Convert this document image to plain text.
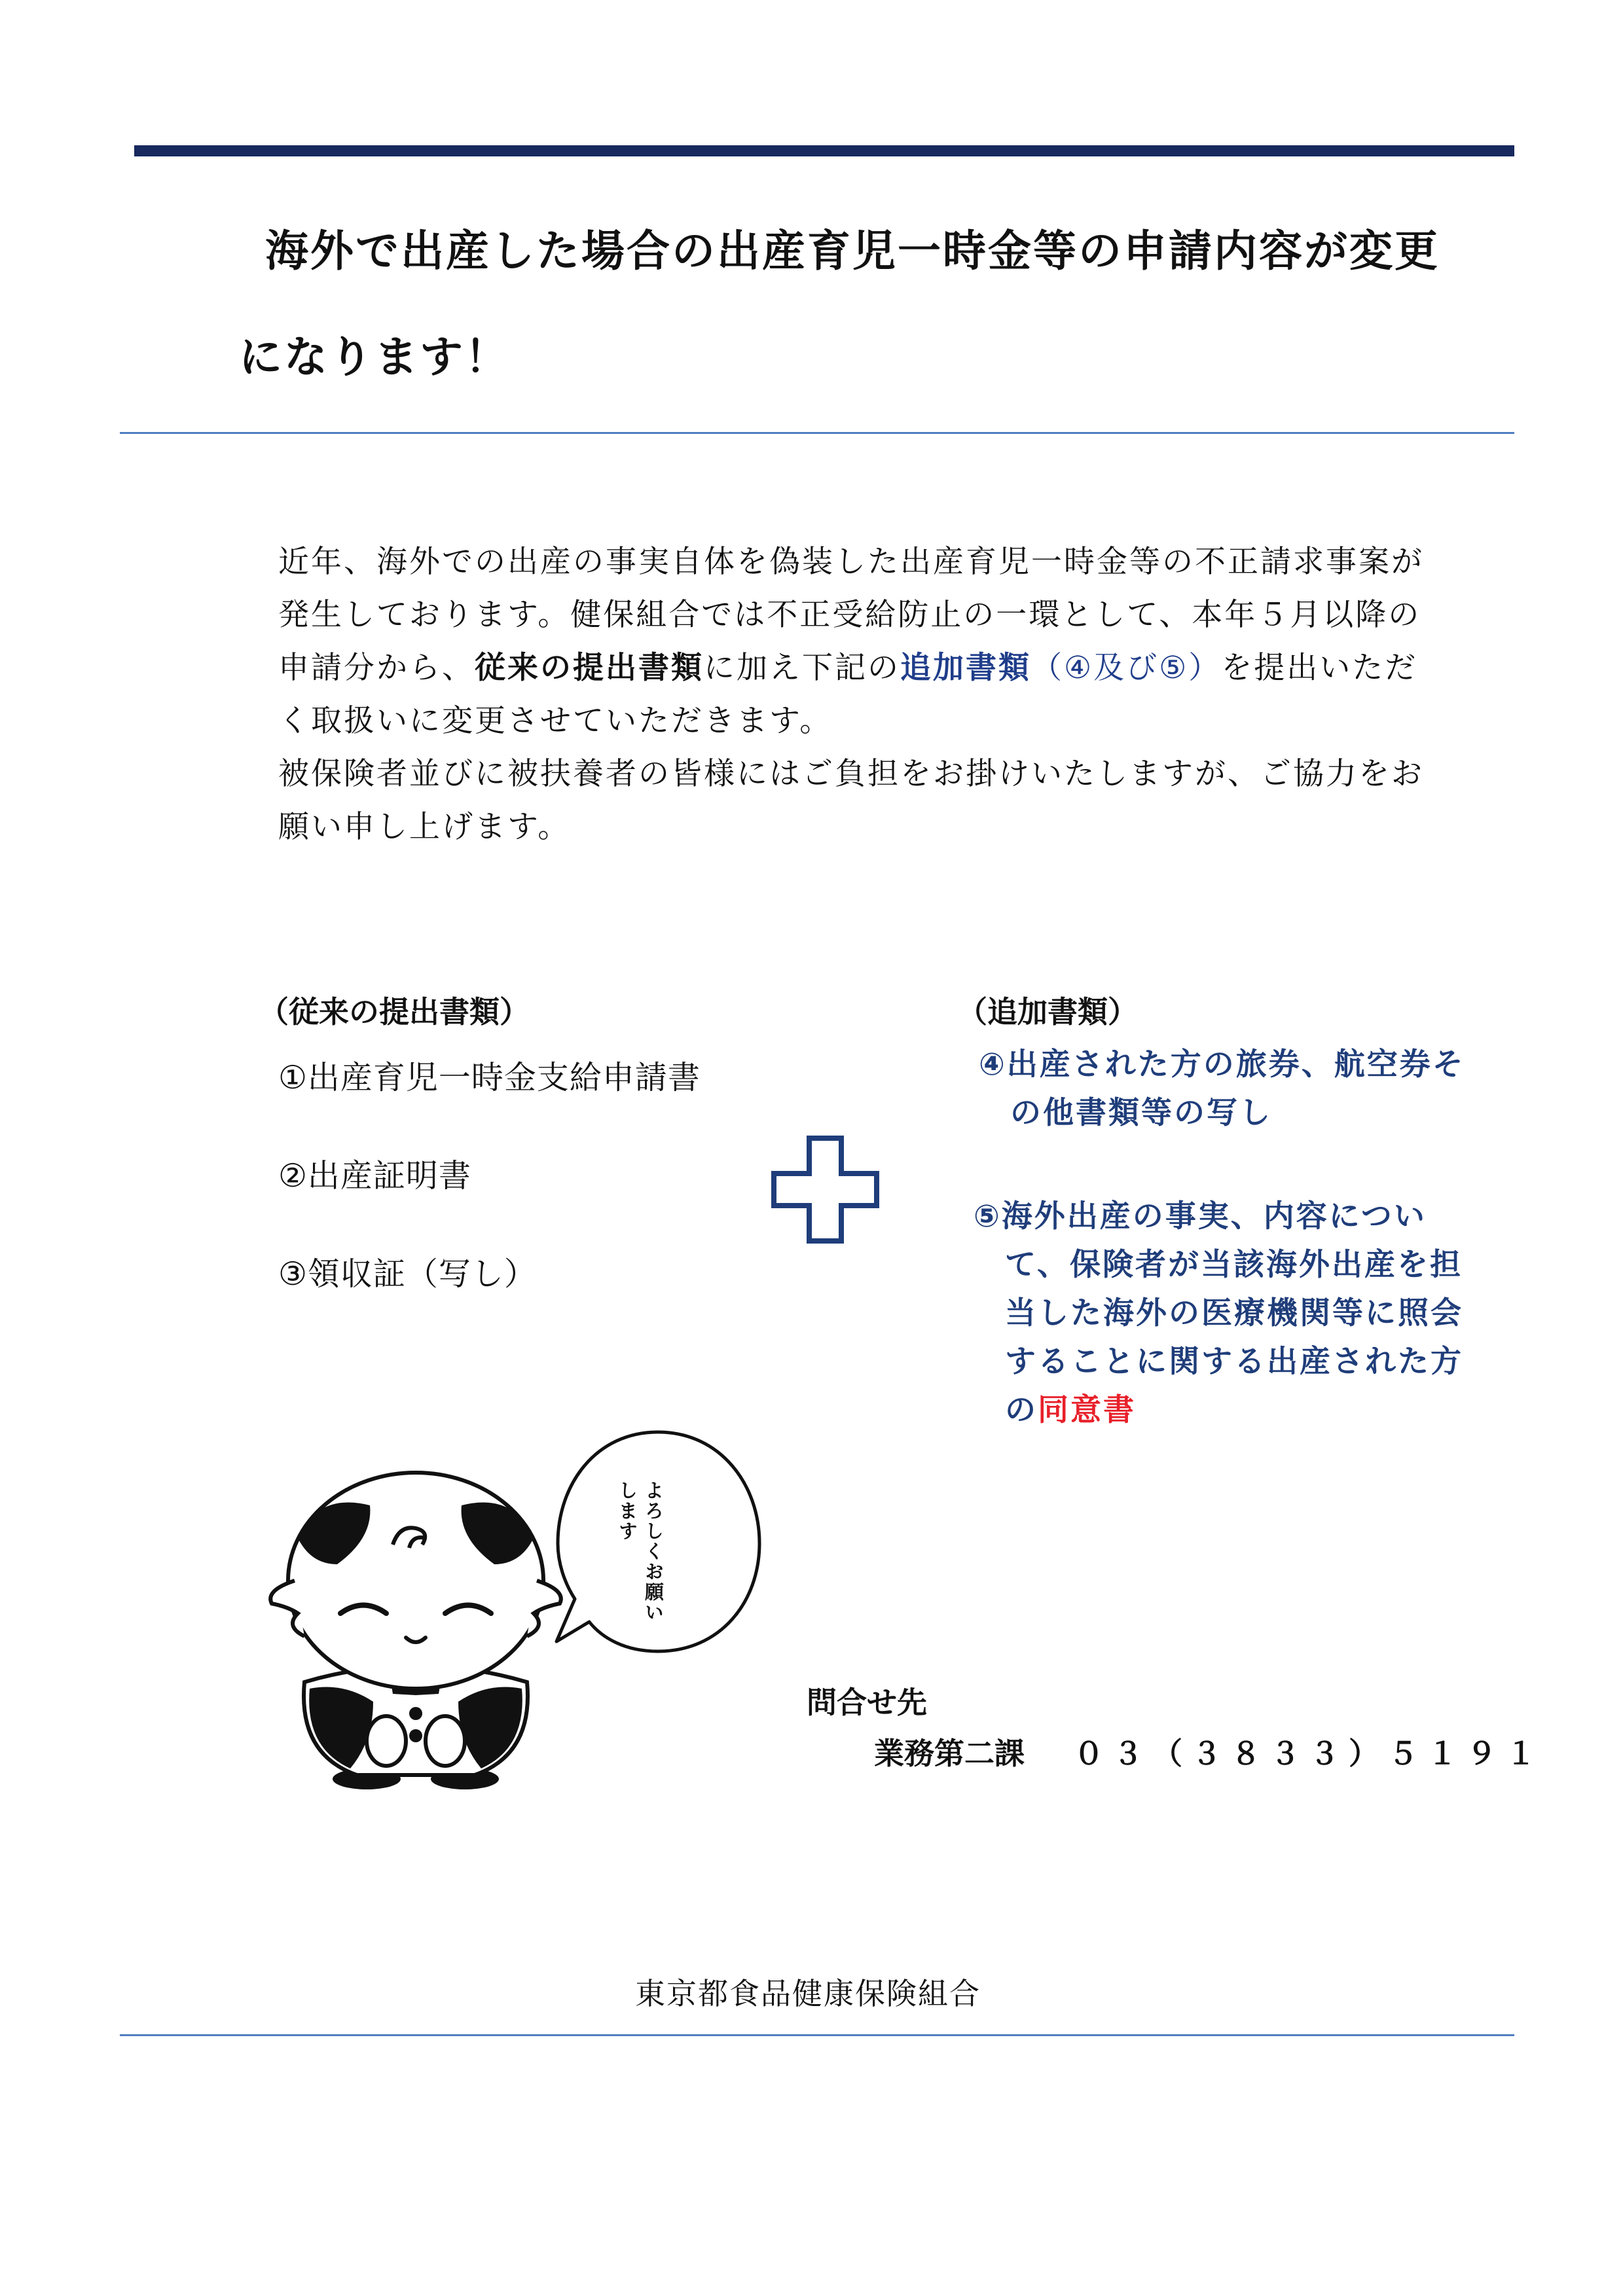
海外で出産した場合の出産育児一時金等の申請内容が変更
になります！

近年、海外での出産の事実自体を偽装した出産育児一時金等の不正請求事案が発生しております。健保組合では不正受給防止の一環として、本年５月以降の申請分から、従来の提出書類に加え下記の追加書類（④及び⑤）を提出いただく取扱いに変更させていただきます。

被保険者並びに被扶養者の皆様にはご負担をお掛けいたしますが、ご協力をお願い申し上げます。

（従来の提出書類）
①出産育児一時金支給申請書
②出産証明書
③領収証（写し）
（追加書類）
④出産された方の旅券、航空券その他書類等の写し
⑤海外出産の事実、内容について、保険者が当該海外出産を担当した海外の医療機関等に照会することに関する出産された方の同意書
よろしくお願いします
問合せ先
業務第二課 ０３（３８３３）５１９１
東京都食品健康保険組合
